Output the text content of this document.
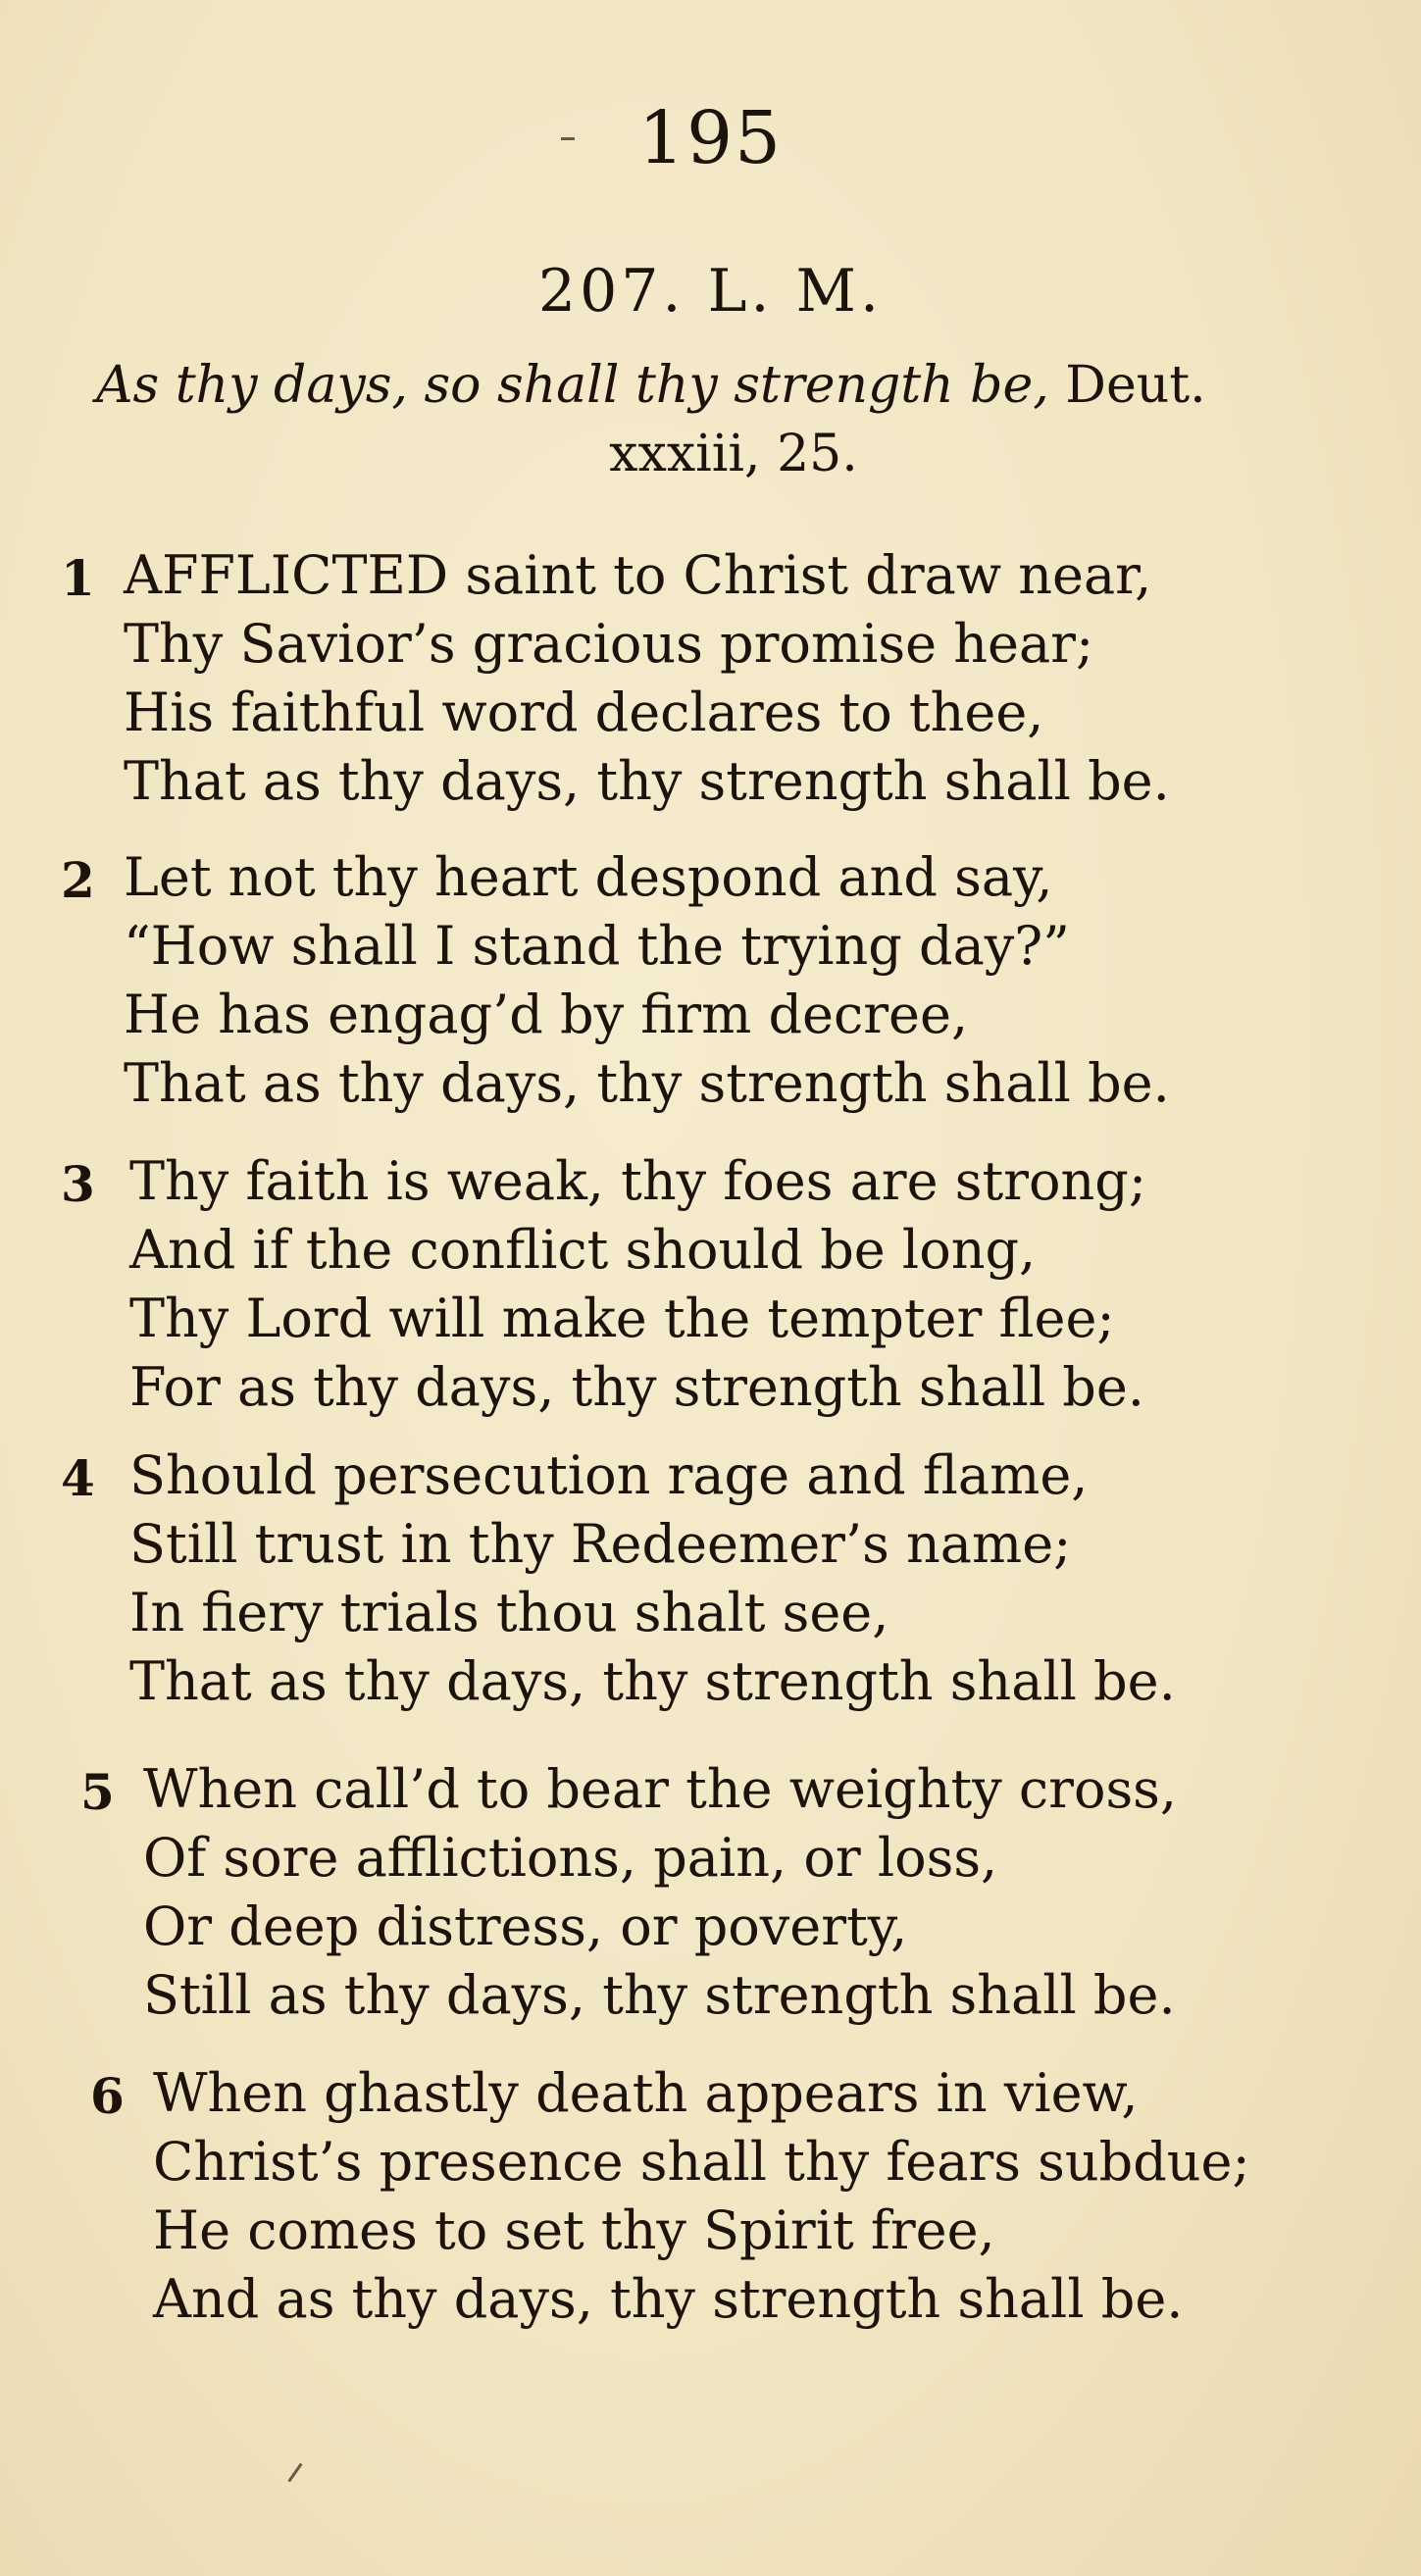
195
207. L. M.
As thy days, so shall thy strength be, Deut.
xxxiii, 25.
1 AFFLICTED saint to Christ draw near,
Thy Savior’s gracious promise hear;
His faithful word declares to thee,
That as thy days, thy strength shall be.
2 Let not thy heart despond and say,
“How shall I stand the trying day?”
He has engag’d by firm decree,
That as thy days, thy strength shall be.
3 Thy faith is weak, thy foes are strong;
And if the conflict should be long,
Thy Lord will make the tempter flee;
For as thy days, thy strength shall be.
4 Should persecution rage and flame,
Still trust in thy Redeemer’s name;
In fiery trials thou shalt see,
That as thy days, thy strength shall be.
5 When call’d to bear the weighty cross,
Of sore afflictions, pain, or loss,
Or deep distress, or poverty,
Still as thy days, thy strength shall be.
6 When ghastly death appears in view,
Christ’s presence shall thy fears subdue;
He comes to set thy Spirit free,
And as thy days, thy strength shall be.
